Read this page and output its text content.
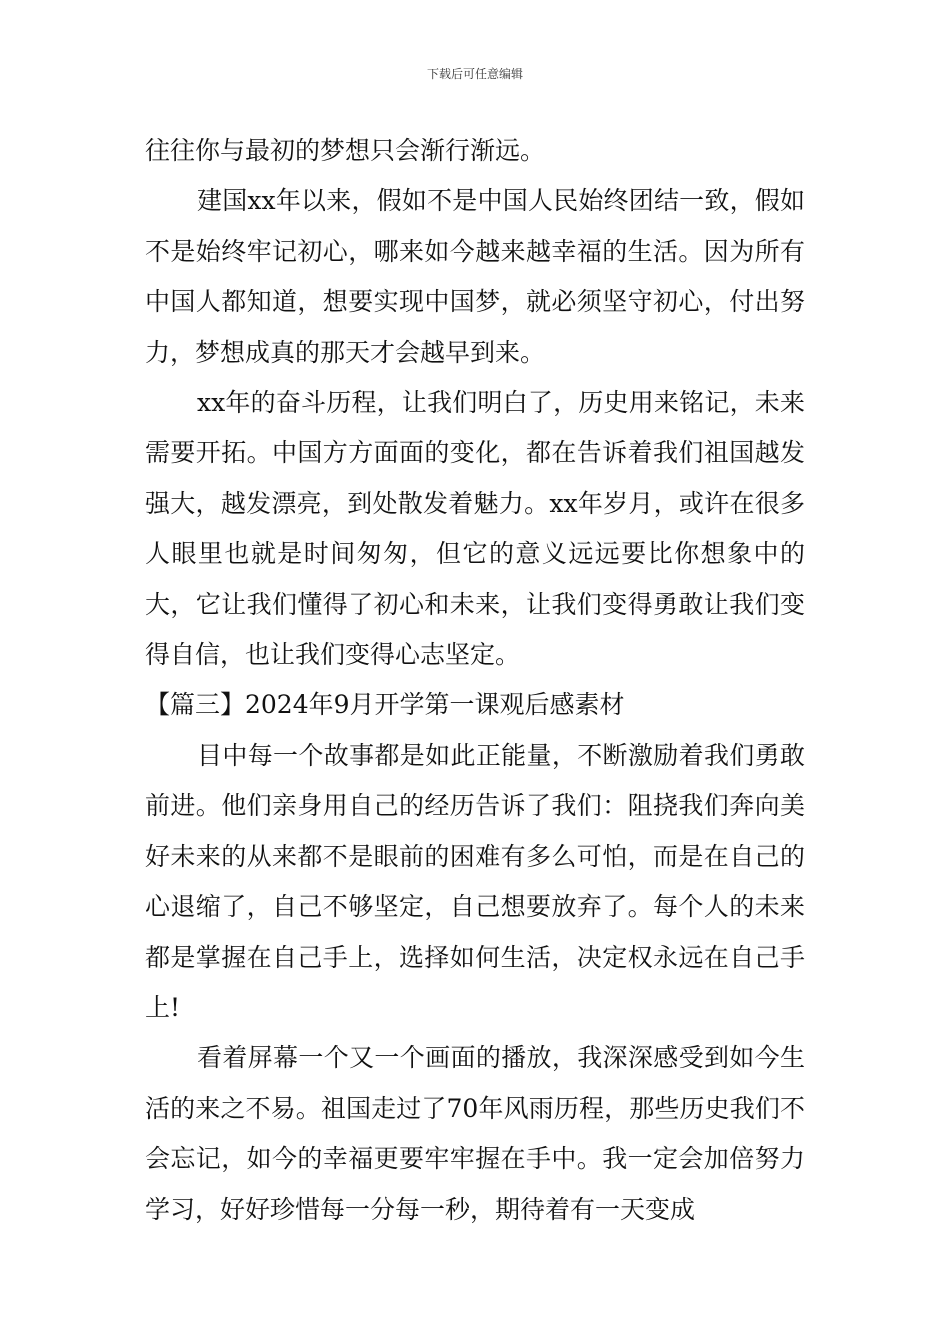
下载后可任意编辑

往往你与最初的梦想只会渐行渐远。

建国xx年以来，假如不是中国人民始终团结一致，假如不是始终牢记初心，哪来如今越来越幸福的生活。因为所有中国人都知道，想要实现中国梦，就必须坚守初心，付出努力，梦想成真的那天才会越早到来。

xx年的奋斗历程，让我们明白了，历史用来铭记，未来需要开拓。中国方方面面的变化，都在告诉着我们祖国越发强大，越发漂亮，到处散发着魅力。xx年岁月，或许在很多人眼里也就是时间匆匆，但它的意义远远要比你想象中的大，它让我们懂得了初心和未来，让我们变得勇敢让我们变得自信，也让我们变得心志坚定。

【篇三】2024年9月开学第一课观后感素材

目中每一个故事都是如此正能量，不断激励着我们勇敢前进。他们亲身用自己的经历告诉了我们：阻挠我们奔向美好未来的从来都不是眼前的困难有多么可怕，而是在自己的心退缩了，自己不够坚定，自己想要放弃了。每个人的未来都是掌握在自己手上，选择如何生活，决定权永远在自己手上!

看着屏幕一个又一个画面的播放，我深深感受到如今生活的来之不易。祖国走过了70年风雨历程，那些历史我们不会忘记，如今的幸福更要牢牢握在手中。我一定会加倍努力学习，好好珍惜每一分每一秒，期待着有一天变成
